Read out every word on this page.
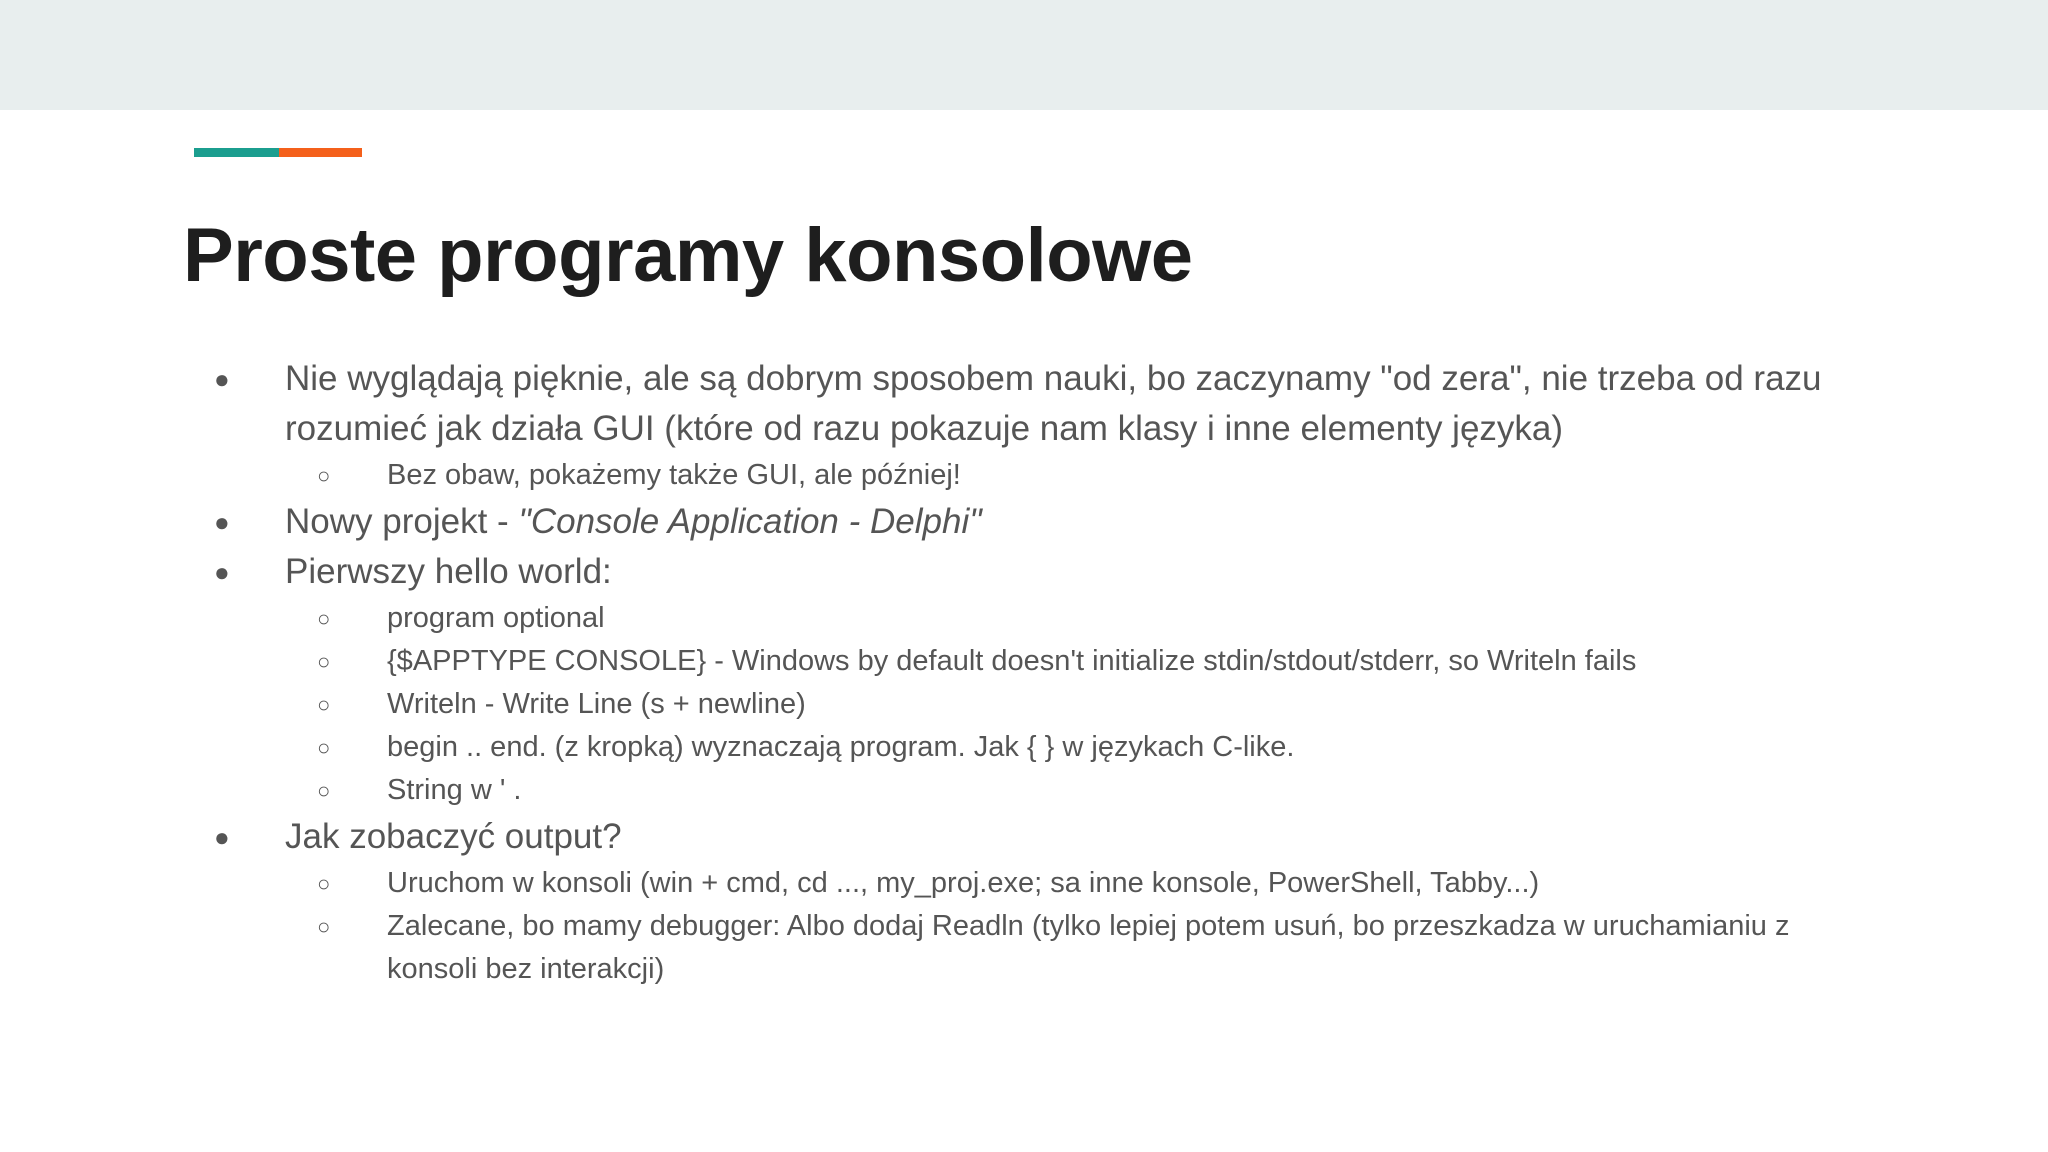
Proste programy konsolowe
● Nie wyglądają pięknie, ale są dobrym sposobem nauki, bo zaczynamy "od zera", nie trzeba od razu rozumieć jak działa GUI (które od razu pokazuje nam klasy i inne elementy języka)
○ Bez obaw, pokażemy także GUI, ale później!
● Nowy projekt - "Console Application - Delphi"
● Pierwszy hello world:
○ program optional
○ {$APPTYPE CONSOLE} - Windows by default doesn't initialize stdin/stdout/stderr, so Writeln fails
○ Writeln - Write Line (s + newline)
○ begin .. end. (z kropką) wyznaczają program. Jak { } w językach C-like.
○ String w ' .
● Jak zobaczyć output?
○ Uruchom w konsoli (win + cmd, cd ..., my_proj.exe; sa inne konsole, PowerShell, Tabby...)
○ Zalecane, bo mamy debugger: Albo dodaj Readln (tylko lepiej potem usuń, bo przeszkadza w uruchamianiu z konsoli bez interakcji)
